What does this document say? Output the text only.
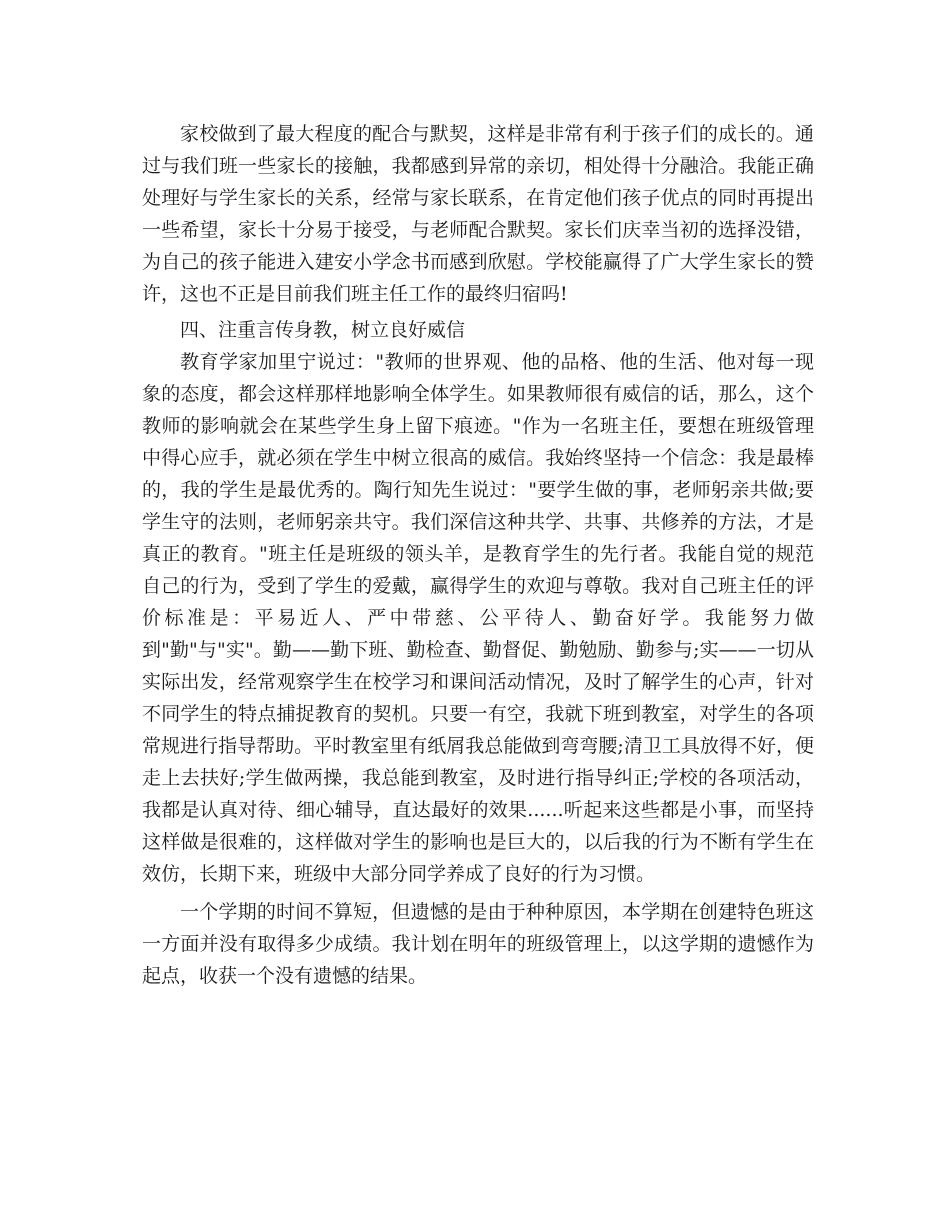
家校做到了最大程度的配合与默契，这样是非常有利于孩子们的成长的。通过与我们班一些家长的接触，我都感到异常的亲切，相处得十分融洽。我能正确处理好与学生家长的关系，经常与家长联系，在肯定他们孩子优点的同时再提出一些希望，家长十分易于接受，与老师配合默契。家长们庆幸当初的选择没错，为自己的孩子能进入建安小学念书而感到欣慰。学校能赢得了广大学生家长的赞许，这也不正是目前我们班主任工作的最终归宿吗!

四、注重言传身教，树立良好威信

教育学家加里宁说过："教师的世界观、他的品格、他的生活、他对每一现象的态度，都会这样那样地影响全体学生。如果教师很有威信的话，那么，这个教师的影响就会在某些学生身上留下痕迹。"作为一名班主任，要想在班级管理中得心应手，就必须在学生中树立很高的威信。我始终坚持一个信念：我是最棒的，我的学生是最优秀的。陶行知先生说过："要学生做的事，老师躬亲共做;要学生守的法则，老师躬亲共守。我们深信这种共学、共事、共修养的方法，才是真正的教育。"班主任是班级的领头羊，是教育学生的先行者。我能自觉的规范自己的行为，受到了学生的爱戴，赢得学生的欢迎与尊敬。我对自己班主任的评价标准是：平易近人、严中带慈、公平待人、勤奋好学。我能努力做到"勤"与"实"。勤——勤下班、勤检查、勤督促、勤勉励、勤参与;实——一切从实际出发，经常观察学生在校学习和课间活动情况，及时了解学生的心声，针对不同学生的特点捕捉教育的契机。只要一有空，我就下班到教室，对学生的各项常规进行指导帮助。平时教室里有纸屑我总能做到弯弯腰;清卫工具放得不好，便走上去扶好;学生做两操，我总能到教室，及时进行指导纠正;学校的各项活动，我都是认真对待、细心辅导，直达最好的效果......听起来这些都是小事，而坚持这样做是很难的，这样做对学生的影响也是巨大的，以后我的行为不断有学生在效仿，长期下来，班级中大部分同学养成了良好的行为习惯。

一个学期的时间不算短，但遗憾的是由于种种原因，本学期在创建特色班这一方面并没有取得多少成绩。我计划在明年的班级管理上，以这学期的遗憾作为起点，收获一个没有遗憾的结果。
